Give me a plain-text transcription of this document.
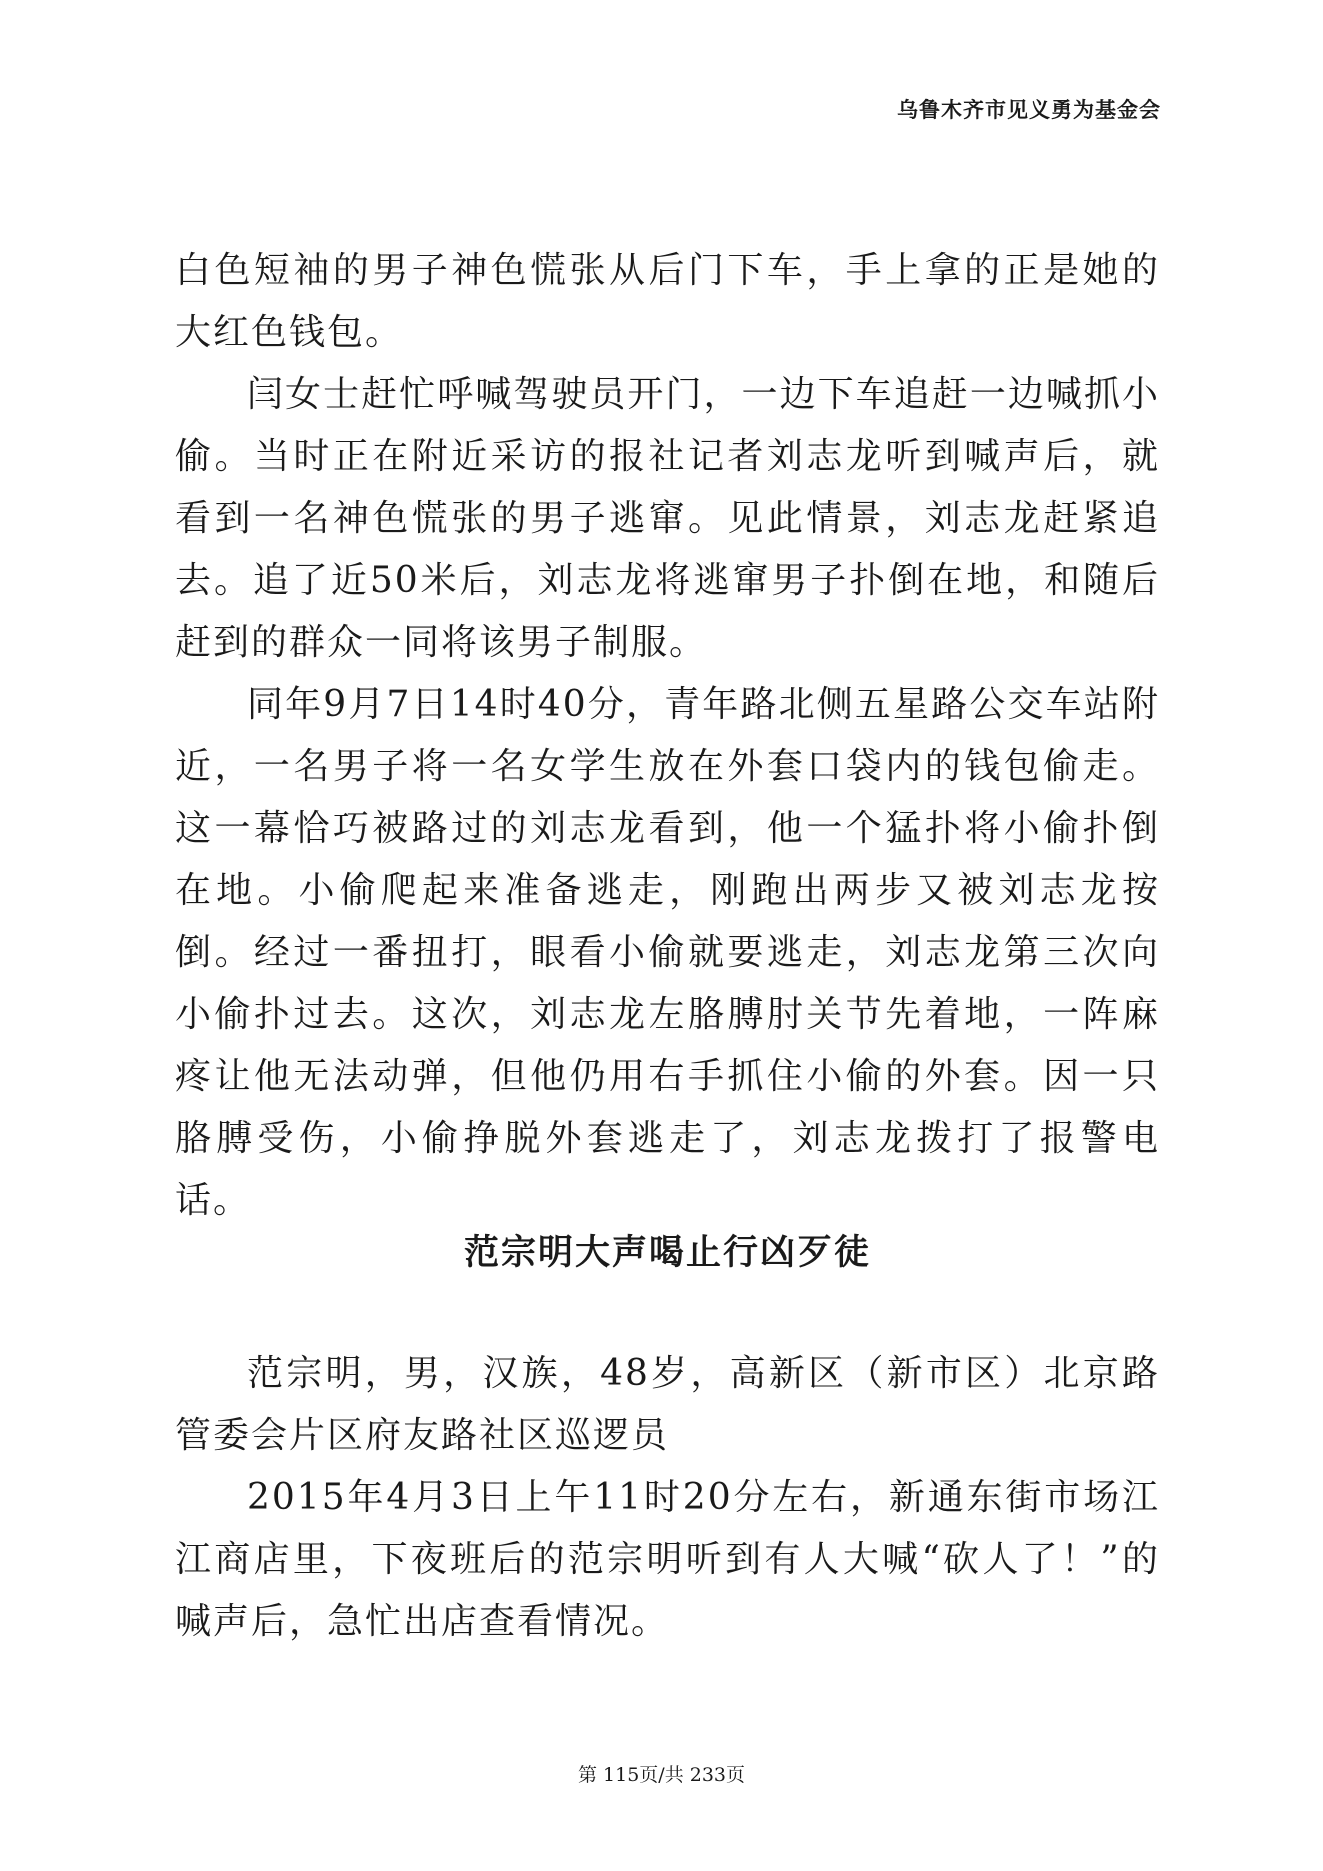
乌鲁木齐市见义勇为基金会

白色短袖的男子神色慌张从后门下车，手上拿的正是她的大红色钱包。

闫女士赶忙呼喊驾驶员开门，一边下车追赶一边喊抓小偷。当时正在附近采访的报社记者刘志龙听到喊声后，就看到一名神色慌张的男子逃窜。见此情景，刘志龙赶紧追去。追了近50米后，刘志龙将逃窜男子扑倒在地，和随后赶到的群众一同将该男子制服。

同年9月7日14时40分，青年路北侧五星路公交车站附近，一名男子将一名女学生放在外套口袋内的钱包偷走。这一幕恰巧被路过的刘志龙看到，他一个猛扑将小偷扑倒在地。小偷爬起来准备逃走，刚跑出两步又被刘志龙按倒。经过一番扭打，眼看小偷就要逃走，刘志龙第三次向小偷扑过去。这次，刘志龙左胳膊肘关节先着地，一阵麻疼让他无法动弹，但他仍用右手抓住小偷的外套。因一只胳膊受伤，小偷挣脱外套逃走了，刘志龙拨打了报警电话。

范宗明大声喝止行凶歹徒

范宗明，男，汉族，48岁，高新区（新市区）北京路管委会片区府友路社区巡逻员

2015年4月3日上午11时20分左右，新通东街市场江江商店里，下夜班后的范宗明听到有人大喊“砍人了！”的喊声后，急忙出店查看情况。

第 115页/共 233页
